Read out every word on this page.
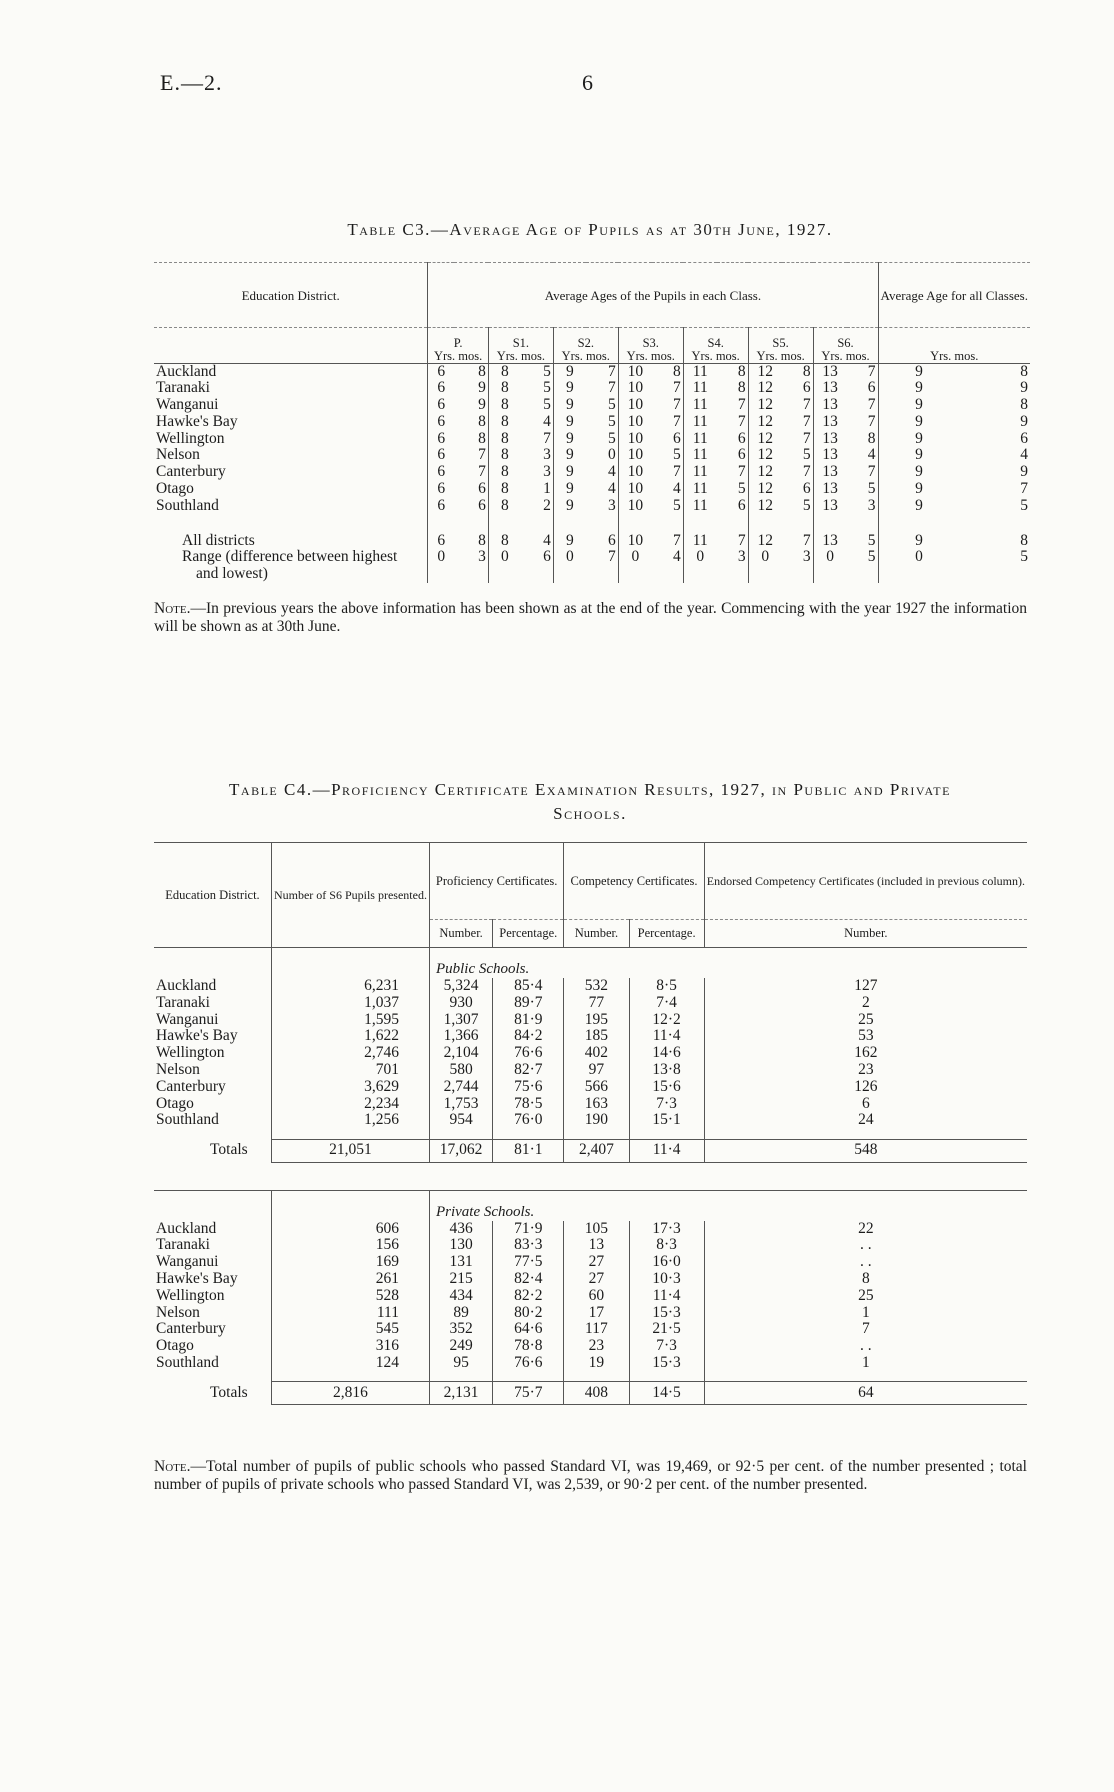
E.—2.	6
Table C3.—Average Age of Pupils as at 30th June, 1927.
Education District.	Average Ages of the Pupils in each Class.														Average Age for all Classes.	
	P.		S1.		S2.		S3.		S4.		S5.		S6.			
	Yrs. mos.		Yrs. mos.		Yrs. mos.		Yrs. mos.		Yrs. mos.		Yrs. mos.		Yrs. mos.		Yrs. mos.	
Auckland	6	8	8	5	9	7	10	8	11	8	12	8	13	7	9	8
Taranaki	6	9	8	5	9	7	10	7	11	8	12	6	13	6	9	9
Wanganui	6	9	8	5	9	5	10	7	11	7	12	7	13	7	9	8
Hawke's Bay	6	8	8	4	9	5	10	7	11	7	12	7	13	7	9	9
Wellington	6	8	8	7	9	5	10	6	11	6	12	7	13	8	9	6
Nelson	6	7	8	3	9	0	10	5	11	6	12	5	13	4	9	4
Canterbury	6	7	8	3	9	4	10	7	11	7	12	7	13	7	9	9
Otago	6	6	8	1	9	4	10	4	11	5	12	6	13	5	9	7
Southland	6	6	8	2	9	3	10	5	11	6	12	5	13	3	9	5

All districts	6	8	8	4	9	6	10	7	11	7	12	7	13	5	9	8
Range (difference between highest	0	3	0	6	0	7	0	4	0	3	0	3	0	5	0	5
and lowest)																
Note.—In previous years the above information has been shown as at the end of the year. Commencing with the year 1927 the information will be shown as at 30th June.
Table C4.—Proficiency Certificate Examination Results, 1927, in Public and Private
Schools.
Education District.	Number of S6 Pupils presented.	Proficiency Certificates.		Competency Certificates.		Endorsed Competency Certificates (included in previous column).
		Number.	Percentage.	Number.	Percentage.	Number.
		Public Schools.				
Auckland	6,231	5,324	85·4	532	8·5	127
Taranaki	1,037	930	89·7	77	7·4	2
Wanganui	1,595	1,307	81·9	195	12·2	25
Hawke's Bay	1,622	1,366	84·2	185	11·4	53
Wellington	2,746	2,104	76·6	402	14·6	162
Nelson	701	580	82·7	97	13·8	23
Canterbury	3,629	2,744	75·6	566	15·6	126
Otago	2,234	1,753	78·5	163	7·3	6
Southland	1,256	954	76·0	190	15·1	24

Totals	21,051	17,062	81·1	2,407	11·4	548

		Private Schools.				
Auckland	606	436	71·9	105	17·3	22
Taranaki	156	130	83·3	13	8·3	. .
Wanganui	169	131	77·5	27	16·0	. .
Hawke's Bay	261	215	82·4	27	10·3	8
Wellington	528	434	82·2	60	11·4	25
Nelson	111	89	80·2	17	15·3	1
Canterbury	545	352	64·6	117	21·5	7
Otago	316	249	78·8	23	7·3	. .
Southland	124	95	76·6	19	15·3	1

Totals	2,816	2,131	75·7	408	14·5	64
Note.—Total number of pupils of public schools who passed Standard VI, was 19,469, or 92·5 per cent. of the number presented ; total number of pupils of private schools who passed Standard VI, was 2,539, or 90·2 per cent. of the number presented.
